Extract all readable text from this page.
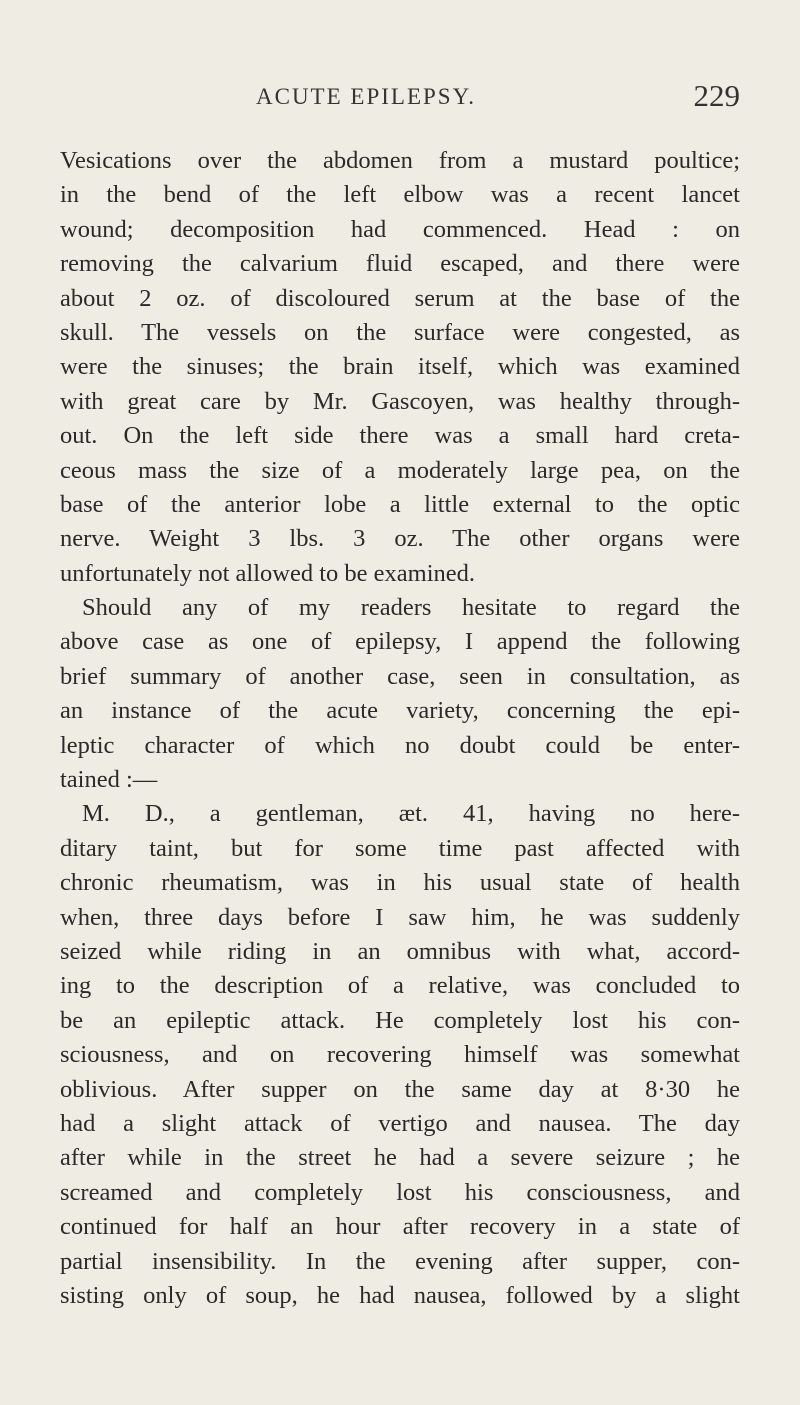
ACUTE EPILEPSY.	229
Vesications over the abdomen from a mustard poultice;
in the bend of the left elbow was a recent lancet
wound; decomposition had commenced. Head : on
removing the calvarium fluid escaped, and there were
about 2 oz. of discoloured serum at the base of the
skull. The vessels on the surface were congested, as
were the sinuses; the brain itself, which was examined
with great care by Mr. Gascoyen, was healthy through-
out. On the left side there was a small hard creta-
ceous mass the size of a moderately large pea, on the
base of the anterior lobe a little external to the optic
nerve. Weight 3 lbs. 3 oz. The other organs were
unfortunately not allowed to be examined.
Should any of my readers hesitate to regard the
above case as one of epilepsy, I append the following
brief summary of another case, seen in consultation, as
an instance of the acute variety, concerning the epi-
leptic character of which no doubt could be enter-
tained :—
M. D., a gentleman, æt. 41, having no here-
ditary taint, but for some time past affected with
chronic rheumatism, was in his usual state of health
when, three days before I saw him, he was suddenly
seized while riding in an omnibus with what, accord-
ing to the description of a relative, was concluded to
be an epileptic attack. He completely lost his con-
sciousness, and on recovering himself was somewhat
oblivious. After supper on the same day at 8·30 he
had a slight attack of vertigo and nausea. The day
after while in the street he had a severe seizure ; he
screamed and completely lost his consciousness, and
continued for half an hour after recovery in a state of
partial insensibility. In the evening after supper, con-
sisting only of soup, he had nausea, followed by a slight
